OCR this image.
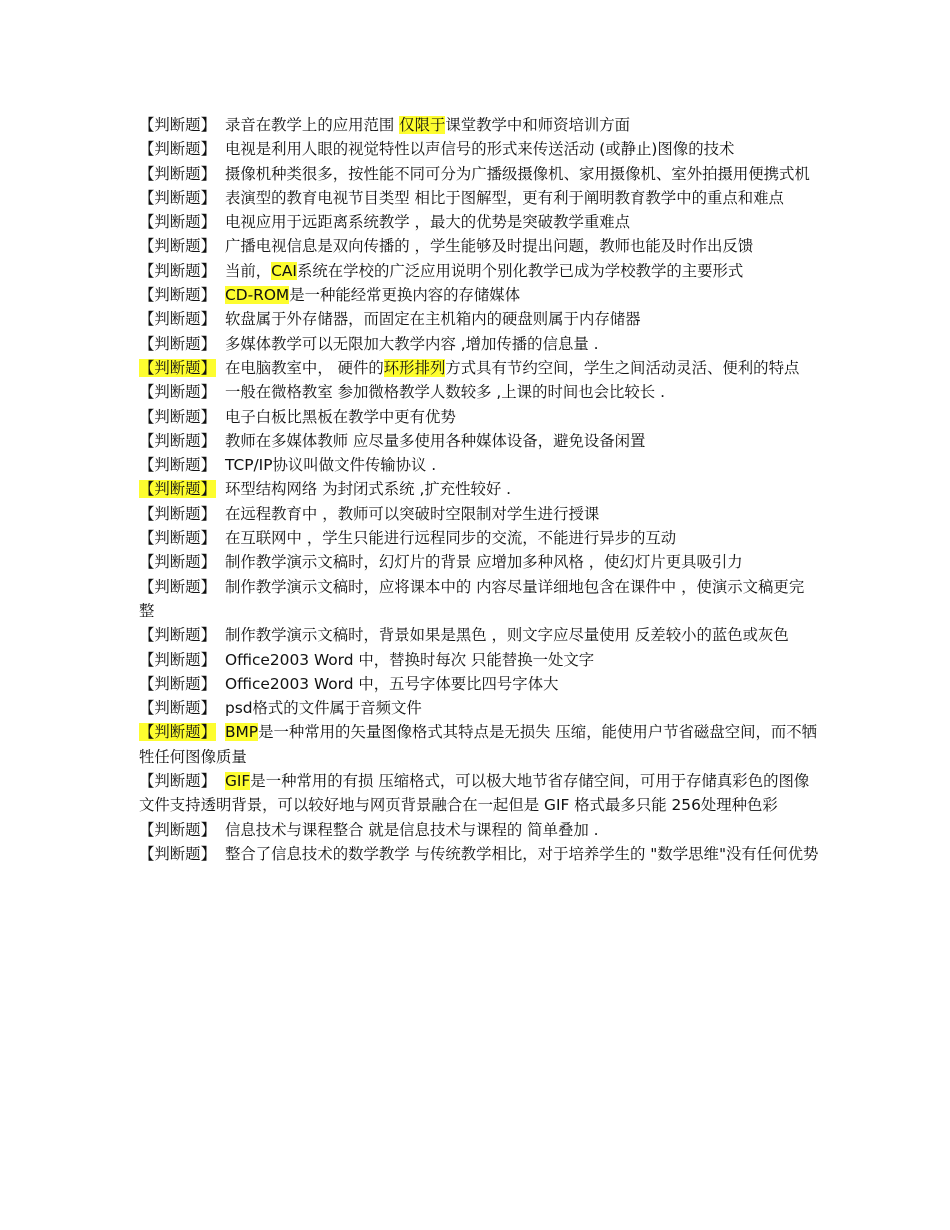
【判断题】 录音在教学上的应用范围 仅限于课堂教学中和师资培训方面
【判断题】 电视是利用人眼的视觉特性以声信号的形式来传送活动 (或静止)图像的技术
【判断题】 摄像机种类很多，按性能不同可分为广播级摄像机、家用摄像机、室外拍摄用便携式机
【判断题】 表演型的教育电视节目类型 相比于图解型，更有利于阐明教育教学中的重点和难点
【判断题】 电视应用于远距离系统教学 ，最大的优势是突破教学重难点
【判断题】 广播电视信息是双向传播的 ，学生能够及时提出问题，教师也能及时作出反馈
【判断题】 当前，CAI系统在学校的广泛应用说明个别化教学已成为学校教学的主要形式
【判断题】 CD-ROM是一种能经常更换内容的存储媒体
【判断题】 软盘属于外存储器，而固定在主机箱内的硬盘则属于内存储器
【判断题】 多媒体教学可以无限加大教学内容 ,增加传播的信息量 .
【判断题】 在电脑教室中， 硬件的环形排列方式具有节约空间，学生之间活动灵活、便利的特点
【判断题】 一般在微格教室 参加微格教学人数较多 ,上课的时间也会比较长 .
【判断题】 电子白板比黑板在教学中更有优势
【判断题】 教师在多媒体教师 应尽量多使用各种媒体设备，避免设备闲置
【判断题】 TCP/IP协议叫做文件传输协议 .
【判断题】 环型结构网络 为封闭式系统 ,扩充性较好 .
【判断题】 在远程教育中 ，教师可以突破时空限制对学生进行授课
【判断题】 在互联网中 ，学生只能进行远程同步的交流，不能进行异步的互动
【判断题】 制作教学演示文稿时，幻灯片的背景 应增加多种风格 ，使幻灯片更具吸引力
【判断题】 制作教学演示文稿时，应将课本中的 内容尽量详细地包含在课件中 ，使演示文稿更完整
【判断题】 制作教学演示文稿时，背景如果是黑色 ，则文字应尽量使用 反差较小的蓝色或灰色
【判断题】 Office2003 Word 中，替换时每次 只能替换一处文字
【判断题】 Office2003 Word 中，五号字体要比四号字体大
【判断题】 psd格式的文件属于音频文件
【判断题】 BMP是一种常用的矢量图像格式其特点是无损失 压缩，能使用户节省磁盘空间，而不牺牲任何图像质量
【判断题】 GIF是一种常用的有损 压缩格式，可以极大地节省存储空间，可用于存储真彩色的图像文件支持透明背景，可以较好地与网页背景融合在一起但是 GIF 格式最多只能 256处理种色彩
【判断题】 信息技术与课程整合 就是信息技术与课程的 简单叠加 .
【判断题】 整合了信息技术的数学教学 与传统教学相比，对于培养学生的 "数学思维"没有任何优势
